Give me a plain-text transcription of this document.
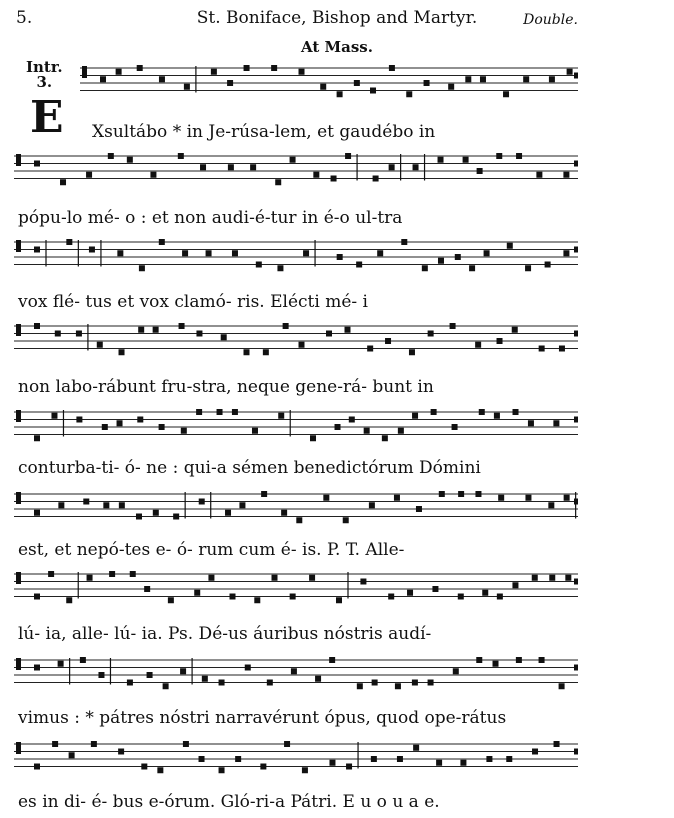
5.	St. Boniface, Bishop and Martyr.	Double.
At Mass.
Intr.
3.
E Xsultábo * in Je-rúsa-lem, et gaudébo in
pópu-lo mé- o : et non audi-é-tur in é-o ul-tra
vox flé- tus et vox clamó- ris. Elécti mé- i
non labo-rábunt fru-stra, neque gene-rá- bunt in
conturba-ti- ó- ne : qui-a sémen benedictórum Dómini
est, et nepó-tes e- ó- rum cum é- is. P. T. Alle-
lú- ia, alle- lú- ia. Ps. Dé-us áuribus nóstris audí-
vimus : * pátres nóstri narravérunt ópus, quod ope-rátus
es in di- é- bus e-órum. Gló-ri-a Pátri. E u o u a e.
